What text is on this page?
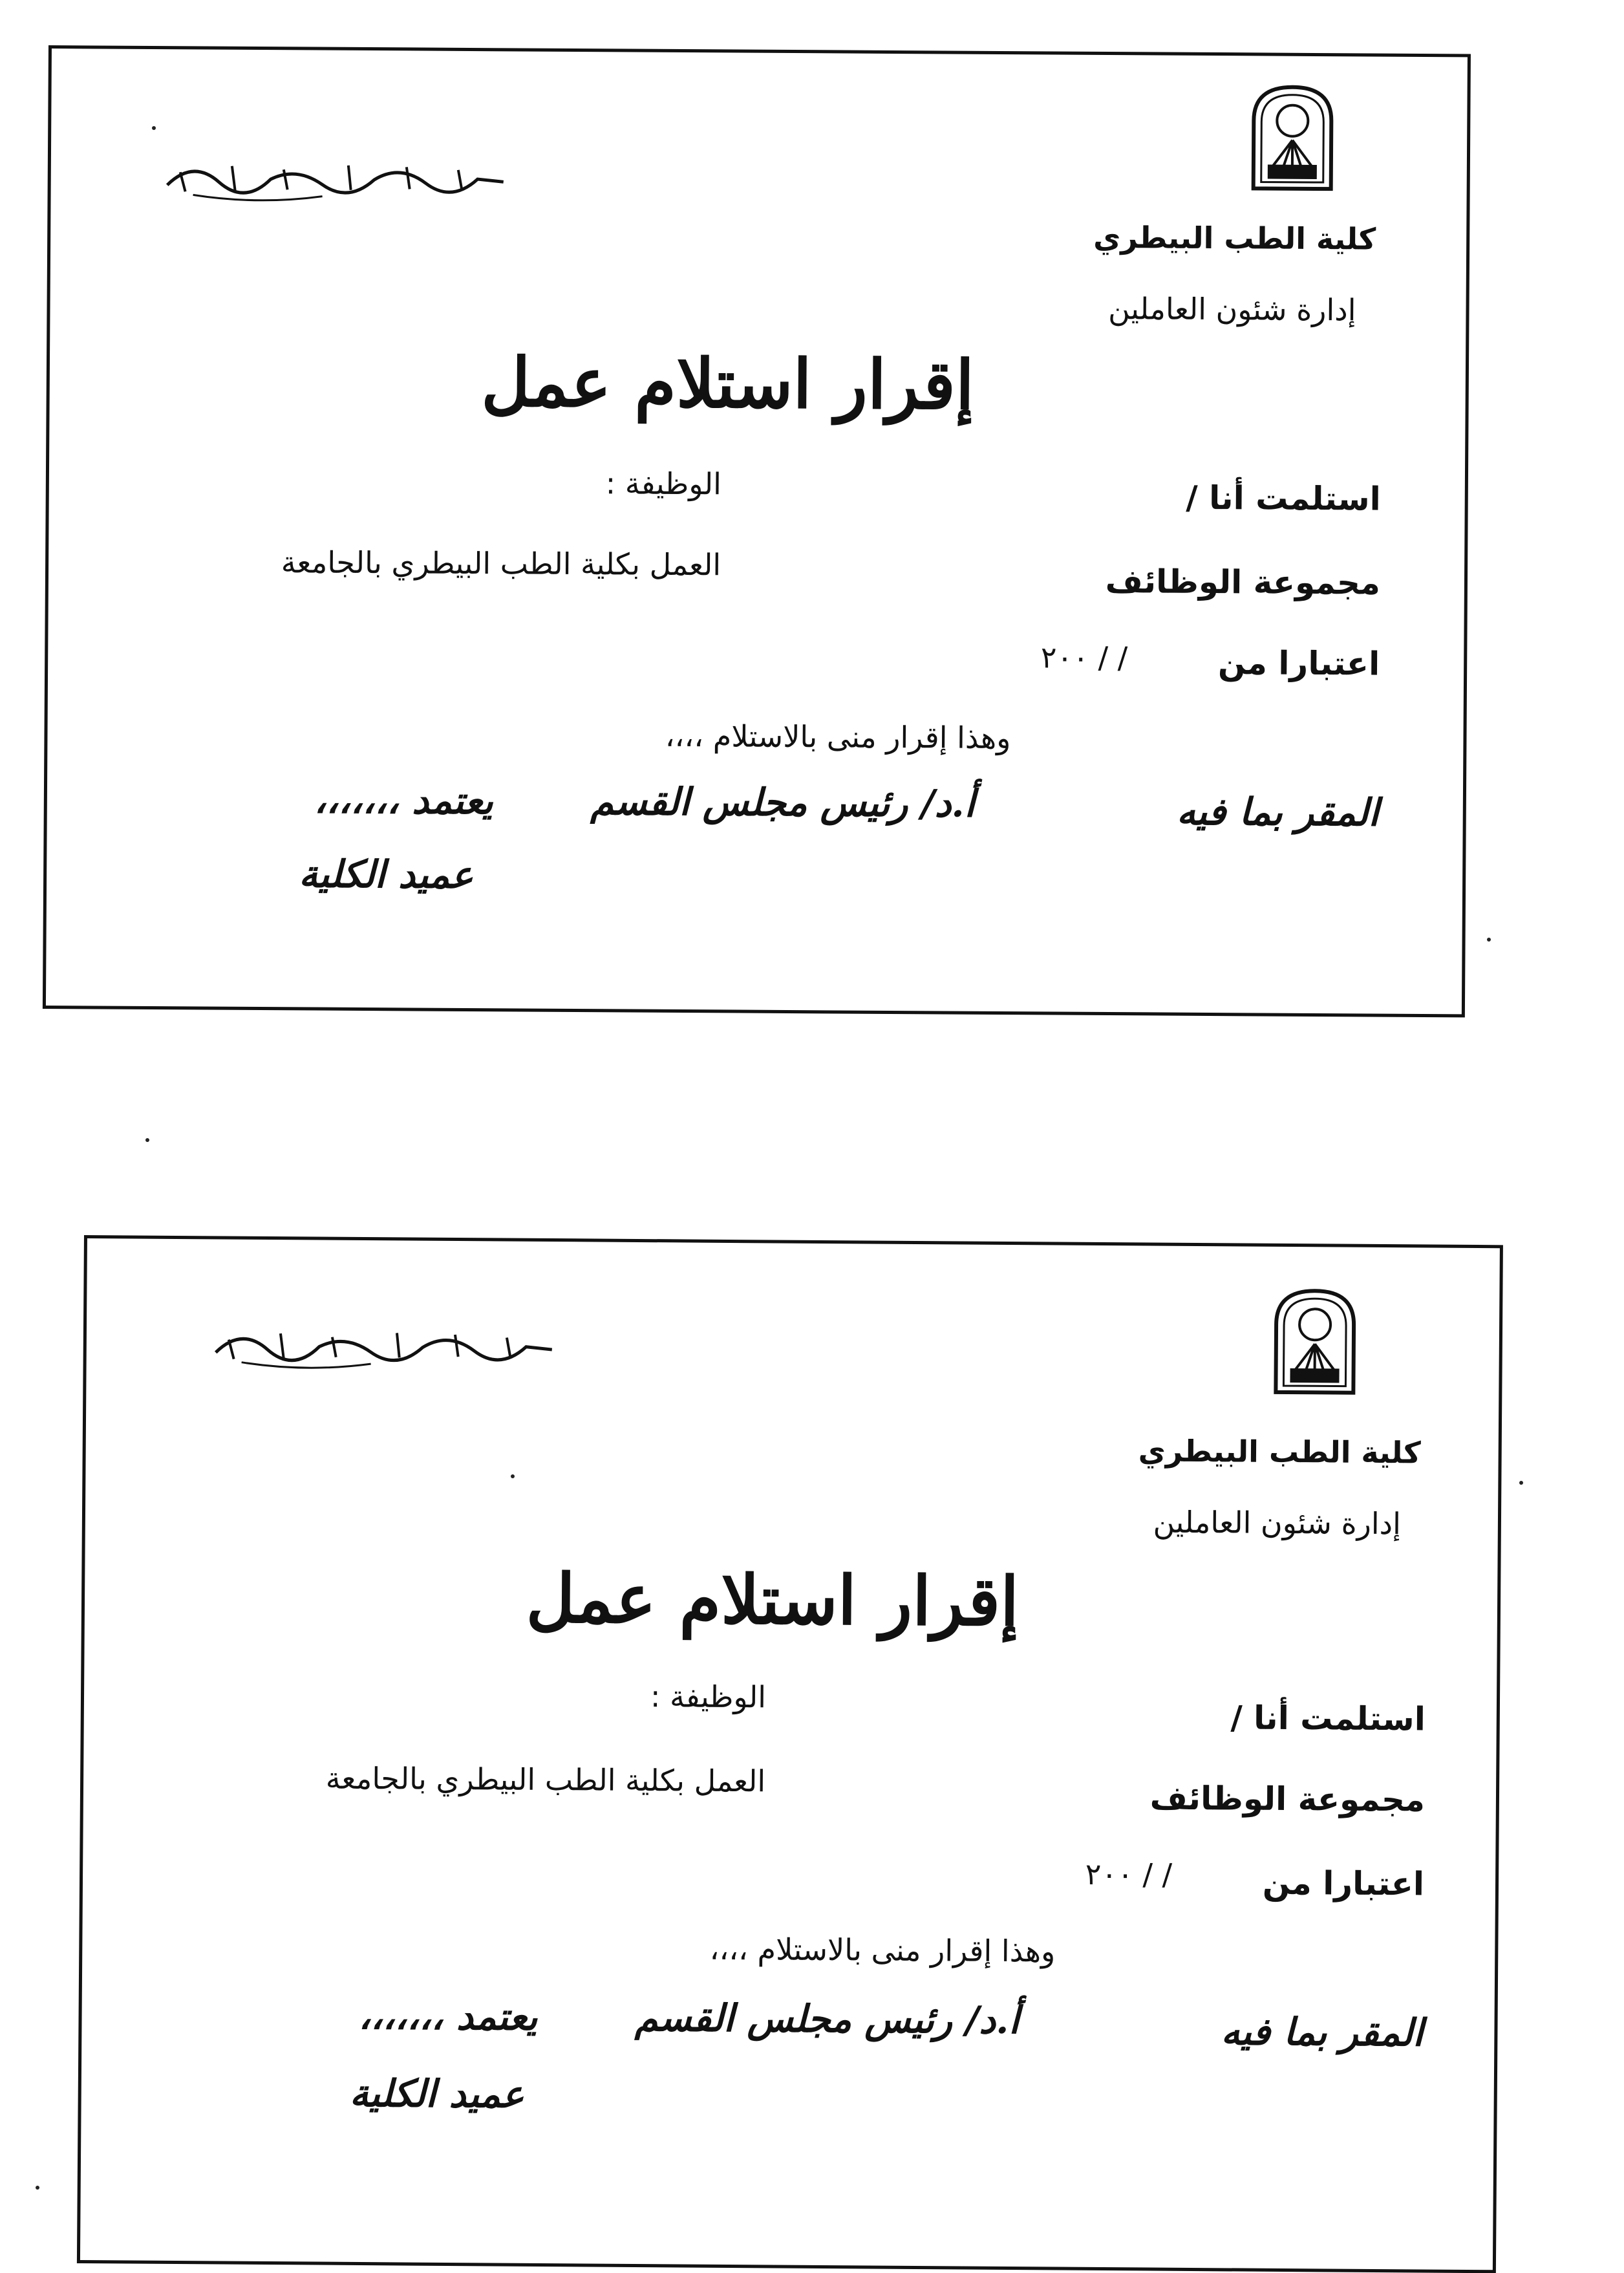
كلية الطب البيطري
إدارة شئون العاملين
إقرار استلام عمل
استلمت أنا /
الوظيفة :
مجموعة الوظائف
العمل بكلية الطب البيطري بالجامعة
اعتبارا من
/ / ٢٠٠
وهذا إقرار منى بالاستلام ،،،،
المقر بما فيه
أ.د/ رئيس مجلس القسم
يعتمد ،،،،،،،
عميد الكلية
كلية الطب البيطري
إدارة شئون العاملين
إقرار استلام عمل
استلمت أنا /
الوظيفة :
مجموعة الوظائف
العمل بكلية الطب البيطري بالجامعة
اعتبارا من
/ / ٢٠٠
وهذا إقرار منى بالاستلام ،،،،
المقر بما فيه
أ.د/ رئيس مجلس القسم
يعتمد ،،،،،،،
عميد الكلية
